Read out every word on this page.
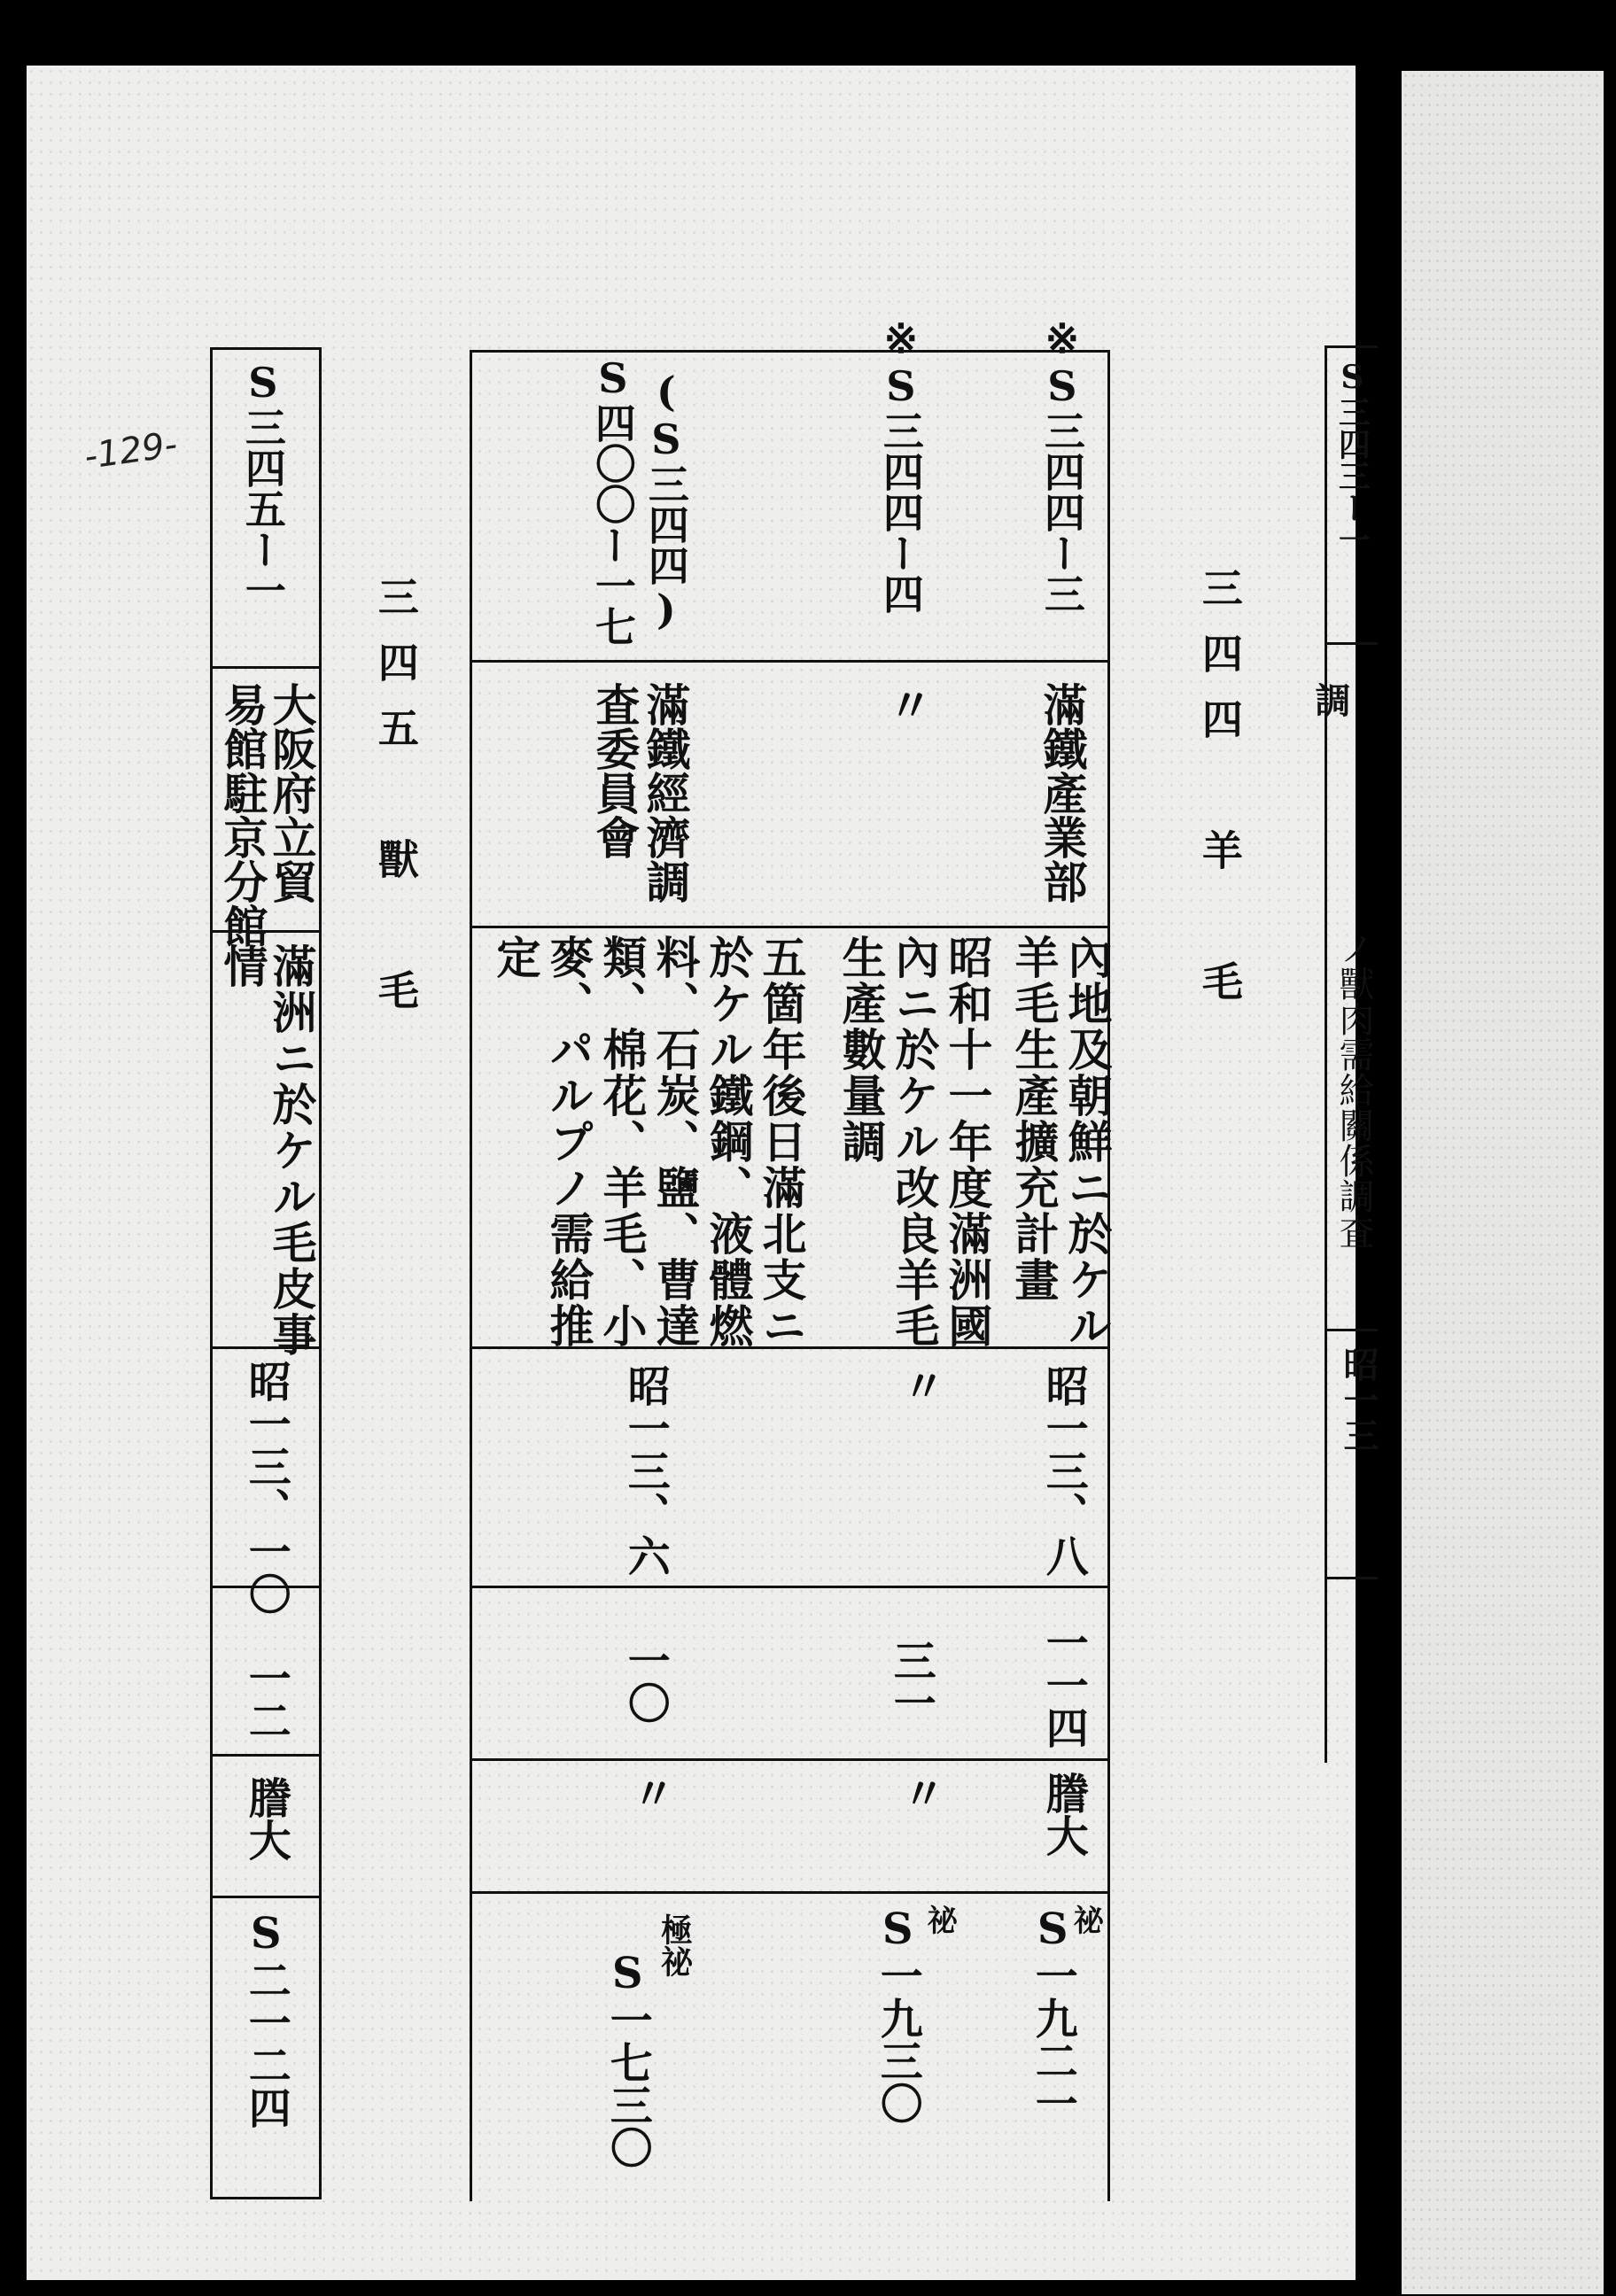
-129- S三四五ー一
大阪府立貿
易館駐京分館
滿洲ニ於ケル毛皮事
情
昭一三、一〇
一二
謄大
S二一二四
三四五　獸　毛
※S三四四ー三
滿鐵產業部
內地及朝鮮ニ於ケル
羊毛生產擴充計畫
昭一三、八
一一四
謄大
祕
S一九二一
※S三四四ー四
〃
昭和十一年度滿洲國
內ニ於ケル改良羊毛
生產數量調
〃
三一
〃
祕
S一九三〇
(S三四四)
S四〇〇ー一七
滿鐵經濟調
査委員會
五箇年後日滿北支ニ
於ケル鐵鋼、液體燃
料、石炭、鹽、曹達
類、棉花、羊毛、小
麥、パルプノ需給推
定
昭一三、六
一〇
〃
極祕
S一七三〇
三四四　羊　毛
S三四三ー一
調
ノ獸肉需給關係調査
昭一三
